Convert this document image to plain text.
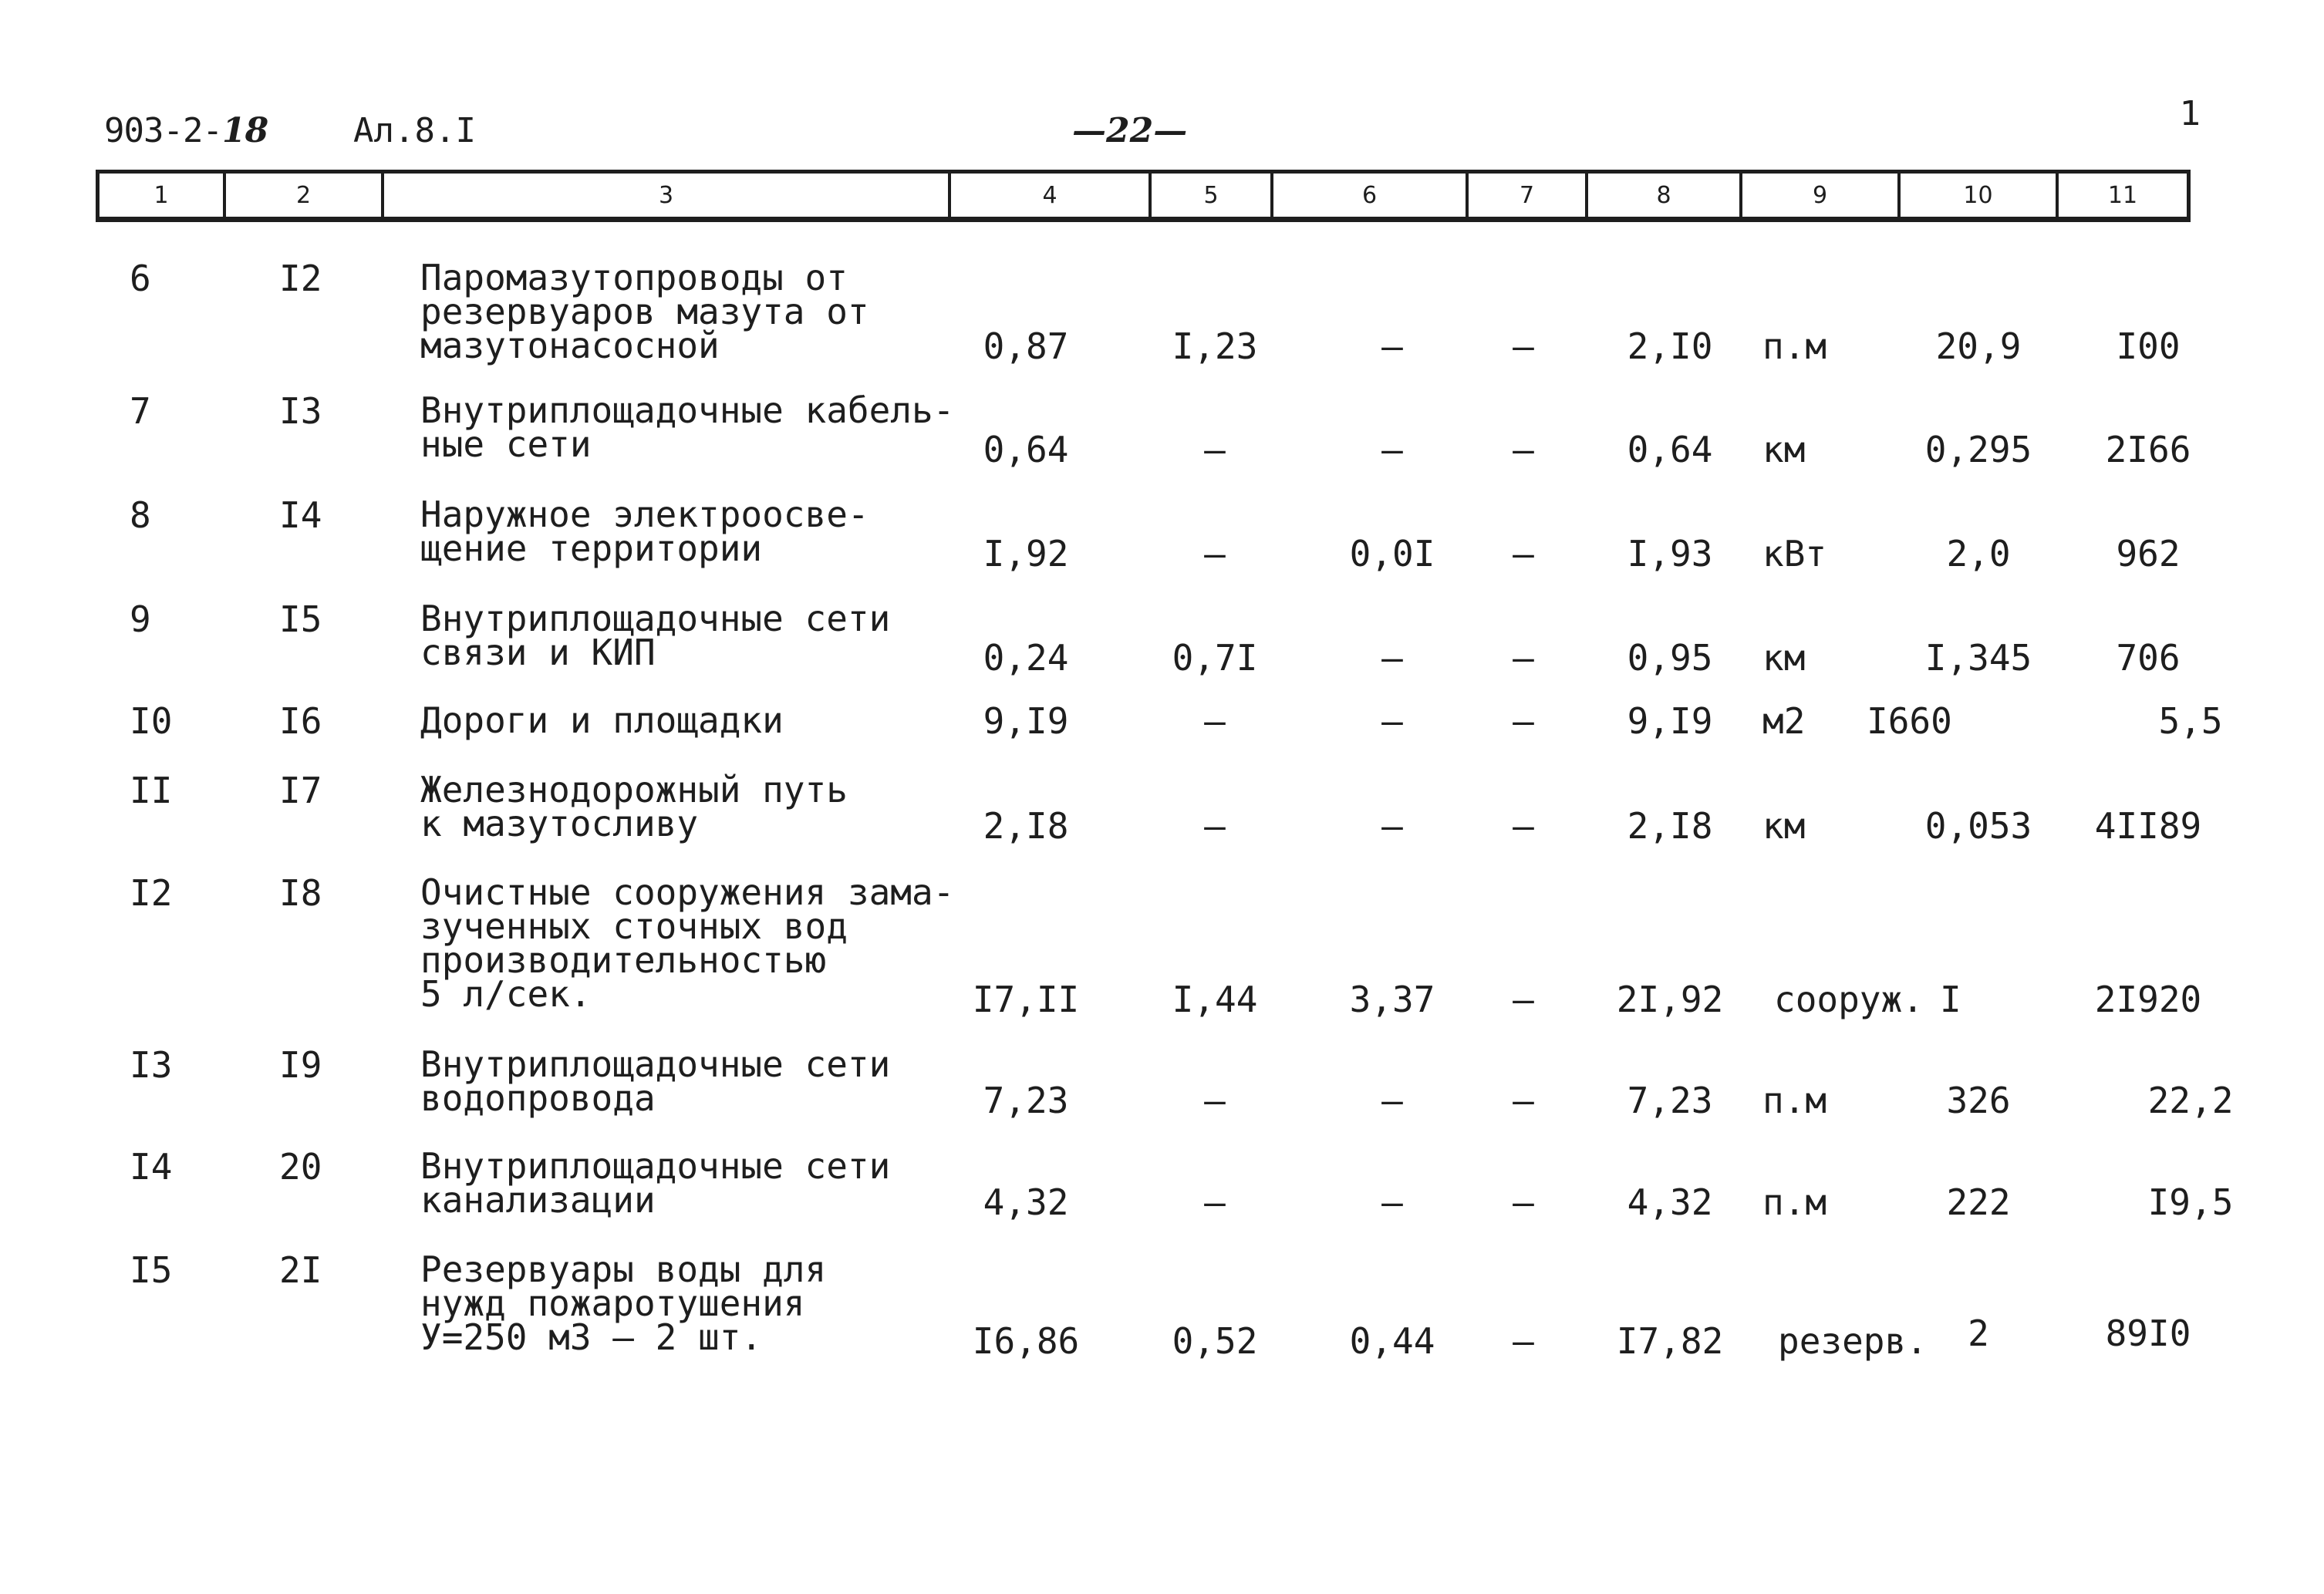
903-2-18	Ал.8.I	—22—	1
1	2	3	4	5	6	7	8	9	10	11
6	I2	Паромазутопроводы от
резервуаров мазута от
мазутонасосной	0,87	I,23	–	–	2,I0	п.м	20,9	I00
7	I3	Внутриплощадочные кабель-
ные сети	0,64	–	–	–	0,64	км	0,295	2I66
8	I4	Наружное электроосве-
щение территории	I,92	–	0,0I	–	I,93	кВт	2,0	962
9	I5	Внутриплощадочные сети
связи и КИП	0,24	0,7I	–	–	0,95	км	I,345	706
I0	I6	Дороги и площадки	9,I9	–	–	–	9,I9	м2 I660	5,5
II	I7	Железнодорожный путь
к мазутосливу	2,I8	–	–	–	2,I8	км	0,053	4II89
I2	I8	Очистные сооружения зама-
зученных сточных вод
производительностью
5 л/сек.	I7,II	I,44	3,37	–	2I,92	сооруж. I	2I920
I3	I9	Внутриплощадочные сети
водопровода	7,23	–	–	–	7,23	п.м	326	22,2
I4	20	Внутриплощадочные сети
канализации	4,32	–	–	–	4,32	п.м	222	I9,5
I5	2I	Резервуары воды для
нужд пожаротушения
У=250 м3 – 2 шт.	I6,86	0,52	0,44	–	I7,82	резерв.	2	89I0
